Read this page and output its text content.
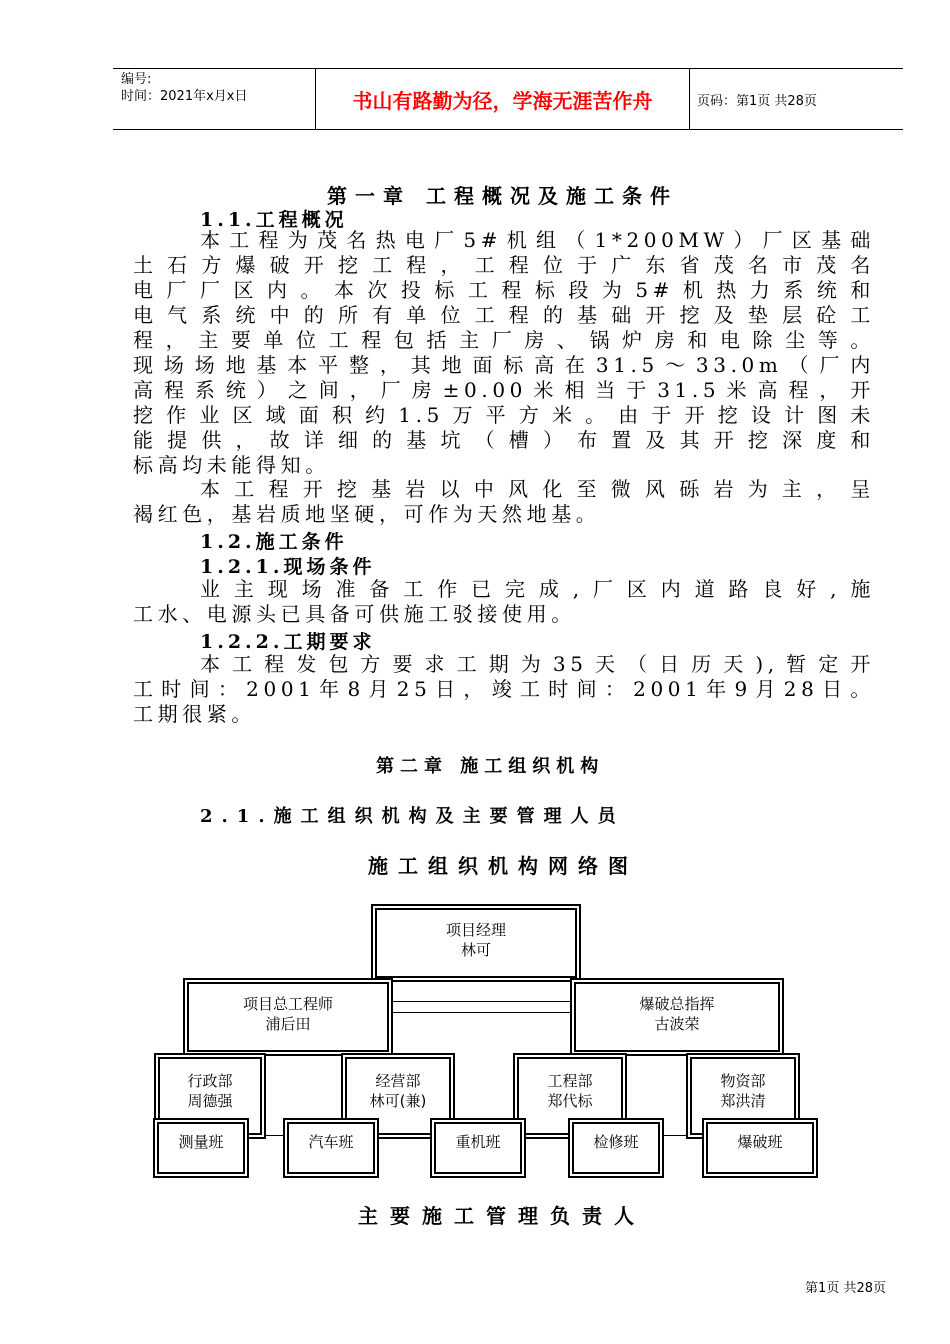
编号:
时间：2021年x月x日	书山有路勤为径，学海无涯苦作舟	页码：第1页 共28页
第一章 工程概况及施工条件
1.1.工程概况
本工程为茂名热电厂5#机组（1*200MW）厂区基础
土石方爆破开挖工程，工程位于广东省茂名市茂名
电厂厂区内。本次投标工程标段为5#机热力系统和
电气系统中的所有单位工程的基础开挖及垫层砼工
程，主要单位工程包括主厂房、锅炉房和电除尘等。
现场场地基本平整，其地面标高在31.5～33.0m（厂内
高程系统）之间，厂房±0.00米相当于31.5米高程，开
挖作业区域面积约1.5万平方米。由于开挖设计图未
能提供，故详细的基坑（槽）布置及其开挖深度和
标高均未能得知。
本工程开挖基岩以中风化至微风砾岩为主，呈
褐红色，基岩质地坚硬，可作为天然地基。
1.2.施工条件
1.2.1.现场条件
业主现场准备工作已完成,厂区内道路良好,施
工水、电源头已具备可供施工驳接使用。
1.2.2.工期要求
本工程发包方要求工期为35天（日历天),暂定开
工时间：2001年8月25日，竣工时间：2001年9月28日。
工期很紧。
第二章 施工组织机构
2.1.施工组织机构及主要管理人员
施工组织机构网络图
项目经理
林可
项目总工程师
浦后田
爆破总指挥
古波荣
行政部
周德强
经营部
林可(兼)
工程部
郑代标
物资部
郑洪清
测量班	汽车班	重机班	检修班	爆破班
主要施工管理负责人
第1页 共28页
